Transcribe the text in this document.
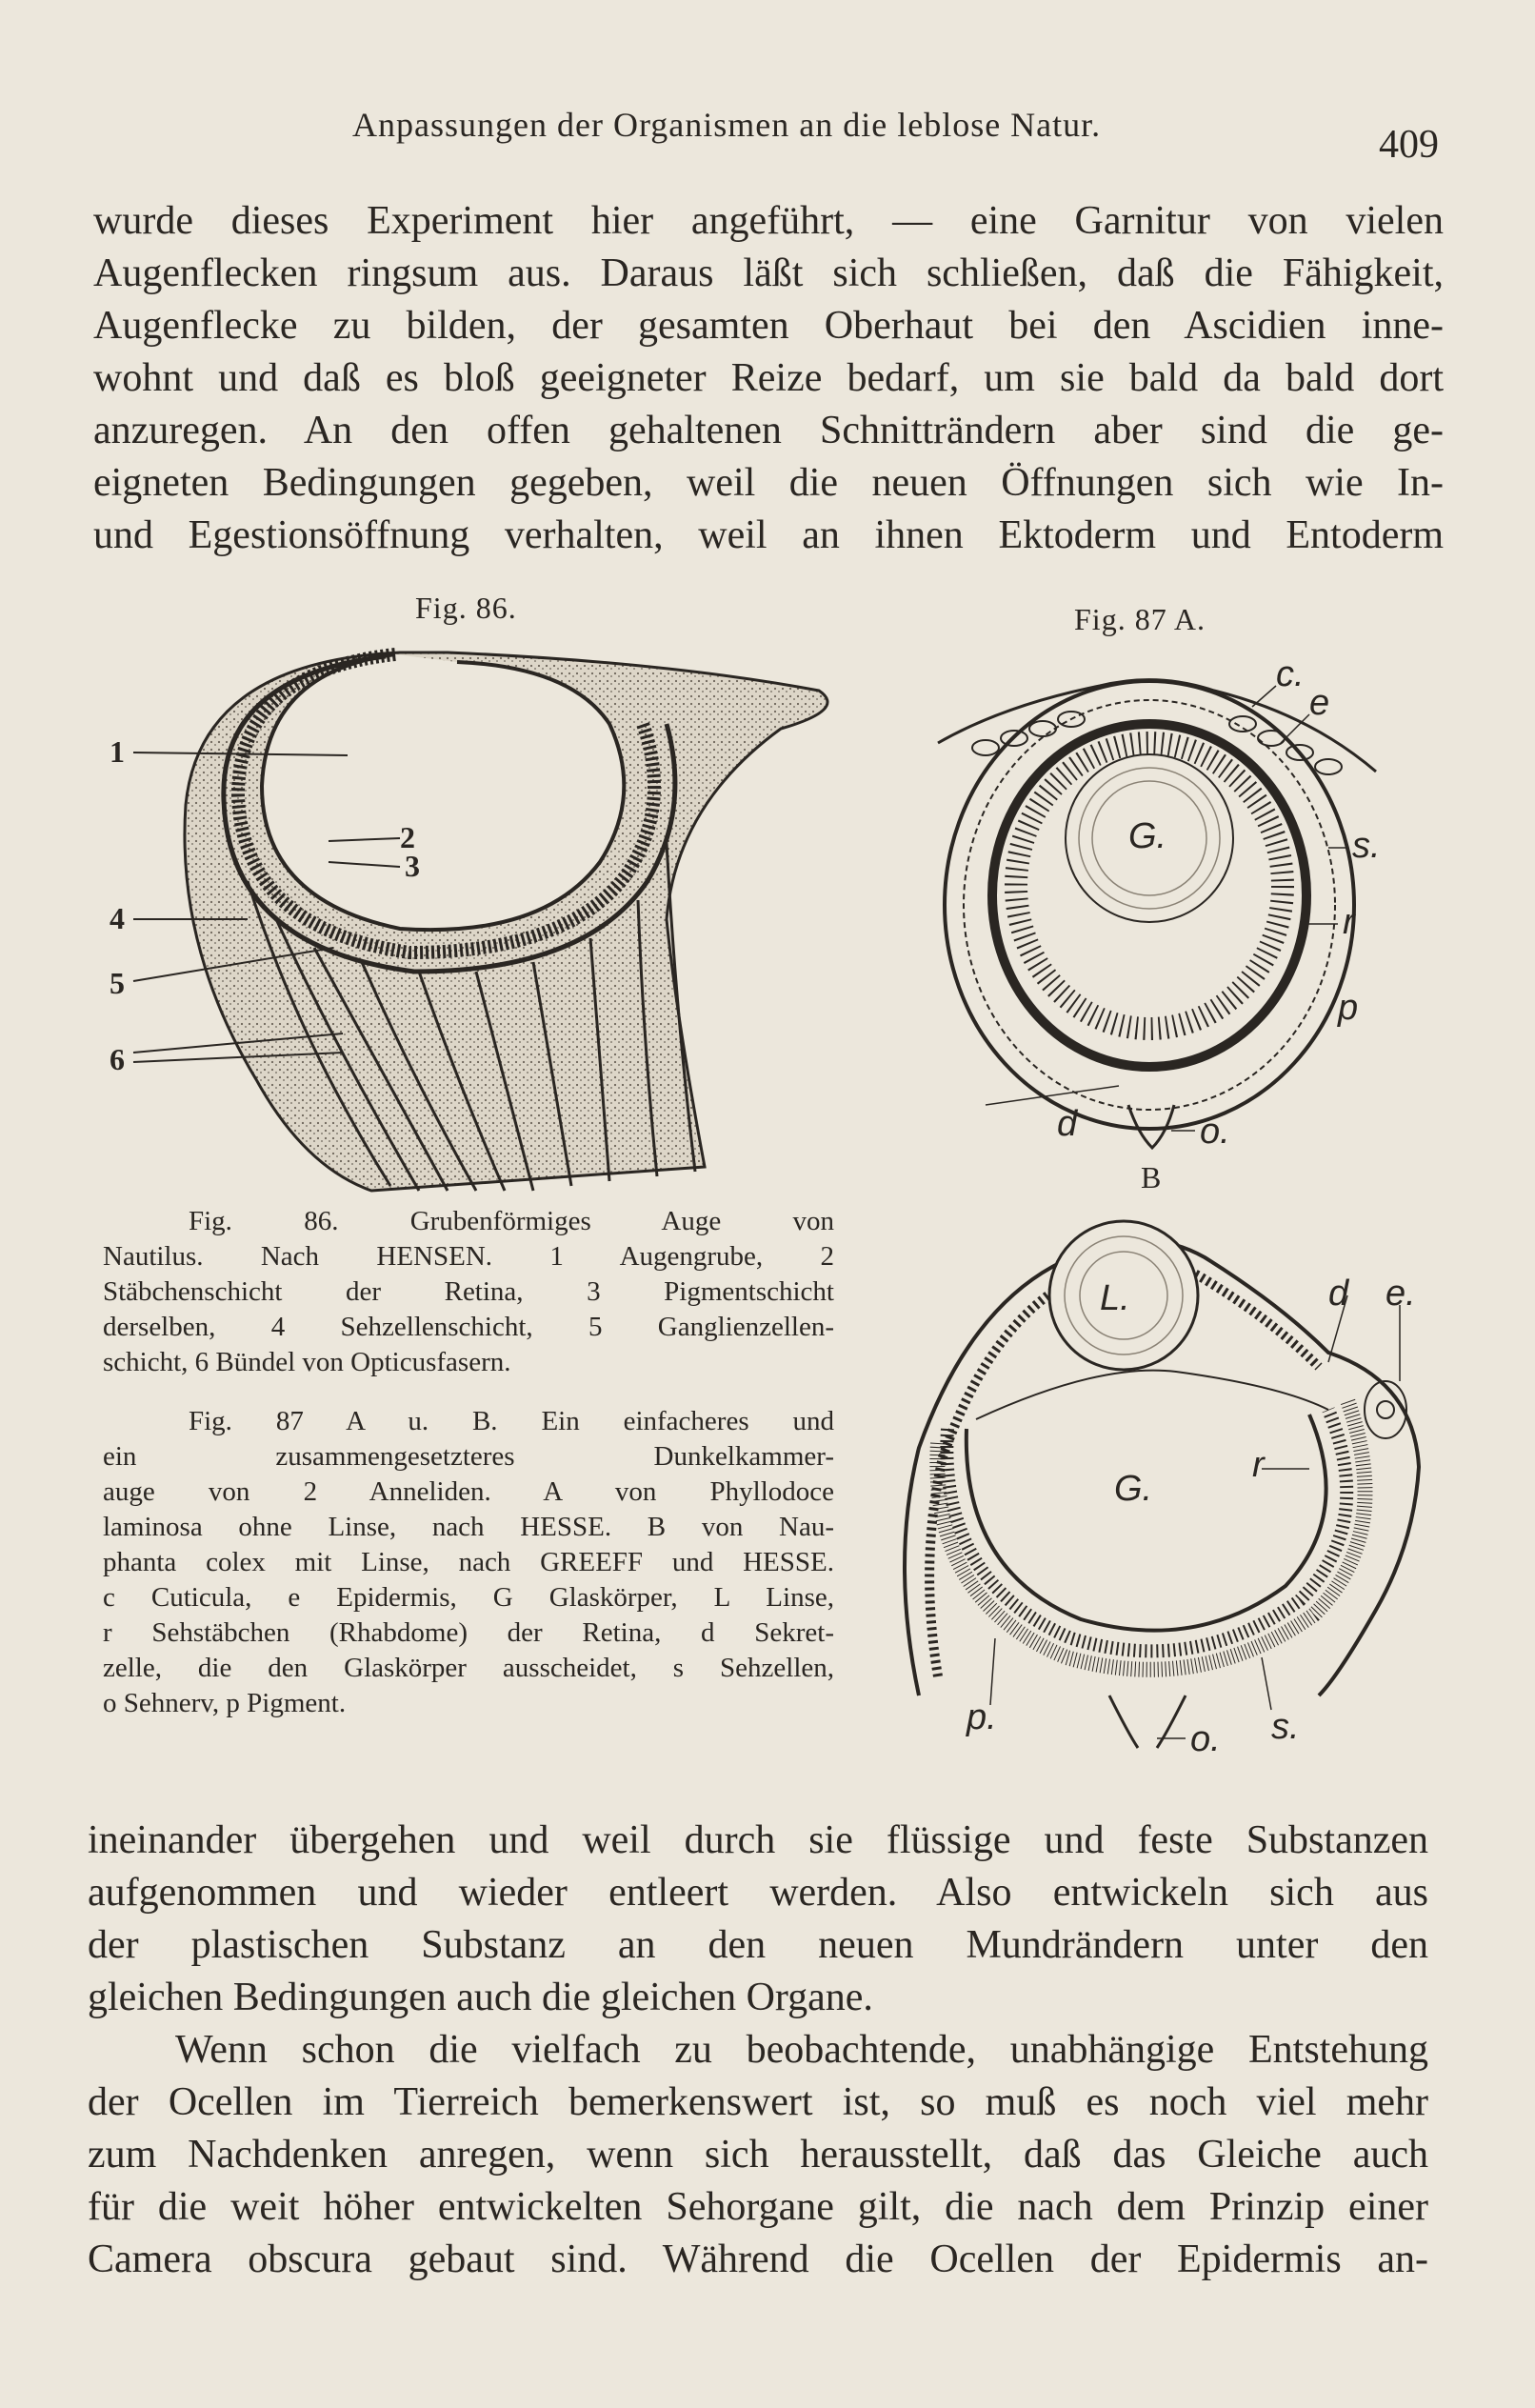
Anpassungen der Organismen an die leblose Natur.	409
wurde dieses Experiment hier angeführt, — eine Garnitur von vielen
Augenflecken ringsum aus. Daraus läßt sich schließen, daß die Fähigkeit,
Augenflecke zu bilden, der gesamten Oberhaut bei den Ascidien inne-
wohnt und daß es bloß geeigneter Reize bedarf, um sie bald da bald dort
anzuregen. An den offen gehaltenen Schnitträndern aber sind die ge-
eigneten Bedingungen gegeben, weil die neuen Öffnungen sich wie In-
und Egestionsöffnung verhalten, weil an ihnen Ektoderm und Entoderm
Fig. 86.	Fig. 87 A.
1
2
3
4
5
6
c.
e
G.	s.
r
p
d	o.
B
L.	d e.
G.
r
p.
o. s.
Fig. 86. Grubenförmiges Auge von
Nautilus. Nach HENSEN. 1 Augengrube, 2
Stäbchenschicht der Retina, 3 Pigmentschicht
derselben, 4 Sehzellenschicht, 5 Ganglienzellen-
schicht, 6 Bündel von Opticusfasern.
Fig. 87 A u. B. Ein einfacheres und
ein zusammengesetzteres Dunkelkammer-
auge von 2 Anneliden. A von Phyllodoce
laminosa ohne Linse, nach HESSE. B von Nau-
phanta colex mit Linse, nach GREEFF und HESSE.
c Cuticula, e Epidermis, G Glaskörper, L Linse,
r Sehstäbchen (Rhabdome) der Retina, d Sekret-
zelle, die den Glaskörper ausscheidet, s Sehzellen,
o Sehnerv, p Pigment.
ineinander übergehen und weil durch sie flüssige und feste Substanzen
aufgenommen und wieder entleert werden. Also entwickeln sich aus
der plastischen Substanz an den neuen Mundrändern unter den
gleichen Bedingungen auch die gleichen Organe.
Wenn schon die vielfach zu beobachtende, unabhängige Entstehung
der Ocellen im Tierreich bemerkenswert ist, so muß es noch viel mehr
zum Nachdenken anregen, wenn sich herausstellt, daß das Gleiche auch
für die weit höher entwickelten Sehorgane gilt, die nach dem Prinzip einer
Camera obscura gebaut sind. Während die Ocellen der Epidermis an-
